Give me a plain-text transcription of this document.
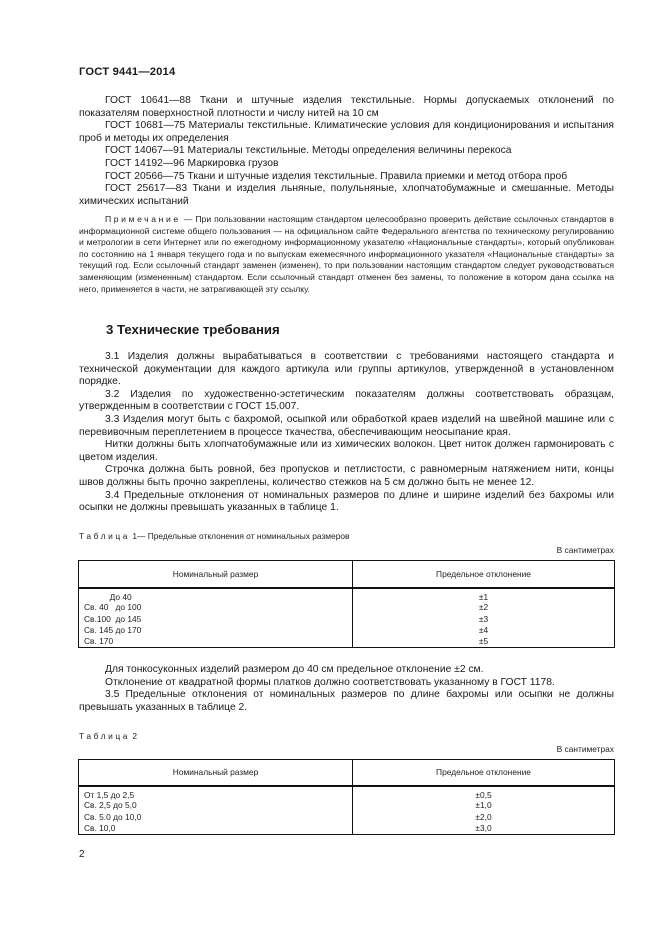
ГОСТ 9441—2014

ГОСТ 10641—88 Ткани и штучные изделия текстильные. Нормы допускаемых отклонений по показателям поверхностной плотности и числу нитей на 10 см

ГОСТ 10681—75 Материалы текстильные. Климатические условия для кондиционирования и испытания проб и методы их определения

ГОСТ 14067—91 Материалы текстильные. Методы определения величины перекоса

ГОСТ 14192—96 Маркировка грузов

ГОСТ 20566—75 Ткани и штучные изделия текстильные. Правила приемки и метод отбора проб

ГОСТ 25617—83 Ткани и изделия льняные, полульняные, хлопчатобумажные и смешанные. Методы химических испытаний

Примечание — При пользовании настоящим стандартом целесообразно проверить действие ссылочных стандартов в информационной системе общего пользования — на официальном сайте Федерального агентства по техническому регулированию и метрологии в сети Интернет или по ежегодному информационному указателю «Национальные стандарты», который опубликован по состоянию на 1 января текущего года и по выпускам ежемесячного информационного указателя «Национальные стандарты» за текущий год. Если ссылочный стандарт заменен (изменен), то при пользовании настоящим стандартом следует руководствоваться заменяющим (измененным) стандартом. Если ссылочный стандарт отменен без замены, то положение в котором дана ссылка на него, применяется в части, не затрагивающей эту ссылку.

3 Технические требования

3.1 Изделия должны вырабатываться в соответствии с требованиями настоящего стандарта и технической документации для каждого артикула или группы артикулов, утвержденной в установленном порядке.

3.2 Изделия по художественно-эстетическим показателям должны соответствовать образцам, утвержденным в соответствии с ГОСТ 15.007.

3.3 Изделия могут быть с бахромой, осыпкой или обработкой краев изделий на швейной машине или с перевивочным переплетением в процессе ткачества, обеспечивающим неосыпание края.

Нитки должны быть хлопчатобумажные или из химических волокон. Цвет ниток должен гармонировать с цветом изделия.

Строчка должна быть ровной, без пропусков и петлистости, с равномерным натяжением нити, концы швов должны быть прочно закреплены, количество стежков на 5 см должно быть не менее 12.

3.4 Предельные отклонения от номинальных размеров по длине и ширине изделий без бахромы или осыпки не должны превышать указанных в таблице 1.

Таблица 1— Предельные отклонения от номинальных размеров
В сантиметрах
Номинальный размер	Предельное отклонение
До 40	±1
Св. 40   до 100	±2
Св.100  до 145	±3
Св. 145 до 170	±4
Св. 170	±5

Для тонкосуконных изделий размером до 40 см предельное отклонение ±2 см.

Отклонение от квадратной формы платков должно соответствовать указанному в ГОСТ 1178.

3.5 Предельные отклонения от номинальных размеров по длине бахромы или осыпки не должны превышать указанных в таблице 2.

Таблица 2
В сантиметрах
Номинальный размер	Предельное отклонение
От 1,5 до 2,5	±0,5
Св. 2,5 до 5,0	±1,0
Св. 5.0 до 10,0	±2,0
Св. 10,0	±3,0
2
